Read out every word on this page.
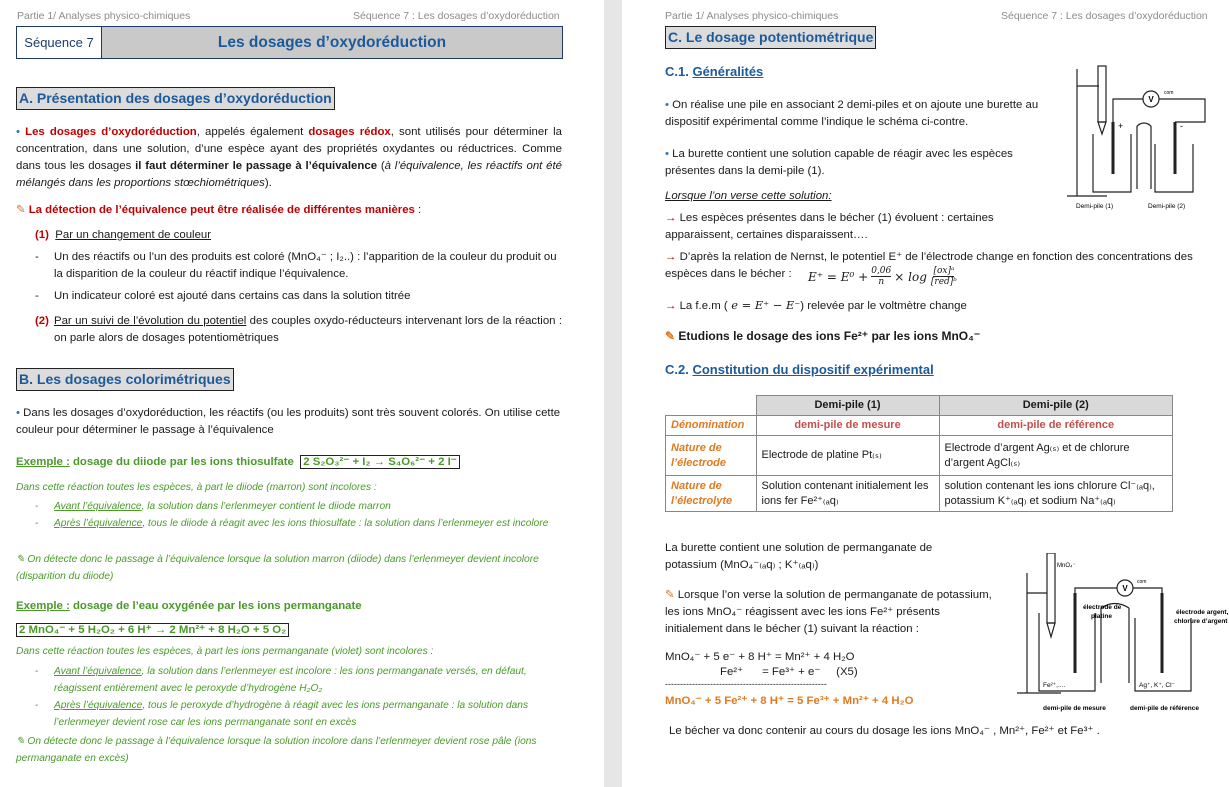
Partie 1/ Analyses physico-chimiques	Séquence 7 : Les dosages d’oxydoréduction
Séquence 7	Les dosages d’oxydoréduction
A. Présentation des dosages d’oxydoréduction
• Les dosages d’oxydoréduction, appelés également dosages rédox, sont utilisés pour déterminer la concentration, dans une solution, d’une espèce ayant des propriétés oxydantes ou réductrices. Comme dans tous les dosages il faut déterminer le passage à l’équivalence (à l’équivalence, les réactifs ont été mélangés dans les proportions stœchiométriques).
✎ La détection de l’équivalence peut être réalisée de différentes manières :
(1) Par un changement de couleur
- Un des réactifs ou l’un des produits est coloré (MnO₄⁻ ; I₂..) : l’apparition de la couleur du produit ou la disparition de la couleur du réactif indique l’équivalence.
- Un indicateur coloré est ajouté dans certains cas dans la solution titrée
(2) Par un suivi de l’évolution du potentiel des couples oxydo-réducteurs intervenant lors de la réaction : on parle alors de dosages potentiomètriques
B. Les dosages colorimétriques
• Dans les dosages d’oxydoréduction, les réactifs (ou les produits) sont très souvent colorés. On utilise cette couleur pour déterminer le passage à l’équivalence
Exemple : dosage du diiode par les ions thiosulfate 2 S₂O₃²⁻ + I₂ → S₄O₆²⁻ + 2 I⁻
Dans cette réaction toutes les espèces, à part le diiode (marron) sont incolores :
- Avant l’équivalence, la solution dans l’erlenmeyer contient le diiode marron
- Après l’équivalence, tous le diiode à réagit avec les ions thiosulfate : la solution dans l’erlenmeyer est incolore
✎ On détecte donc le passage à l’équivalence lorsque la solution marron (diiode) dans l’erlenmeyer devient incolore (disparition du diiode)
Exemple : dosage de l’eau oxygénée par les ions permanganate
2 MnO₄⁻ + 5 H₂O₂ + 6 H⁺ → 2 Mn²⁺ + 8 H₂O + 5 O₂
Dans cette réaction toutes les espèces, à part les ions permanganate (violet) sont incolores :
- Avant l’équivalence, la solution dans l’erlenmeyer est incolore : les ions permanganate versés, en défaut, réagissent entièrement avec le peroxyde d’hydrogène H₂O₂
- Après l’équivalence, tous le peroxyde d’hydrogène à réagit avec les ions permanganate : la solution dans l’erlenmeyer devient rose car les ions permanganate sont en excès
✎ On détecte donc le passage à l’équivalence lorsque la solution incolore dans l’erlenmeyer devient rose pâle (ions permanganate en excès)
Partie 1/ Analyses physico-chimiques	Séquence 7 : Les dosages d’oxydoréduction
C. Le dosage potentiométrique
C.1. Généralités
• On réalise une pile en associant 2 demi-piles et on ajoute une burette au dispositif expérimental comme l’indique le schéma ci-contre.
• La burette contient une solution capable de réagir avec les espèces présentes dans la demi-pile (1).
Lorsque l’on verse cette solution:
→ Les espèces présentes dans le bécher (1) évoluent : certaines apparaissent, certaines disparaissent….
→ D’après la relation de Nernst, le potentiel E⁺ de l’électrode change en fonction des concentrations des espèces dans le bécher :	$E^+ = E^0 + \frac{0,06}{n} \times \log$ [ox]ᵃ
[red]ᵇ
→ La f.e.m ( e = E⁺ − E⁻) relevée par le voltmètre change
✎ Etudions le dosage des ions Fe²⁺ par les ions MnO₄⁻
C.2. Constitution du dispositif expérimental
	Demi-pile (1)	Demi-pile (2)
Dénomination	demi-pile de mesure	demi-pile de référence
Nature de l’électrode	Electrode de platine Pt₍ₛ₎	Electrode d’argent Ag₍ₛ₎ et de chlorure d’argent AgCl₍ₛ₎
Nature de l’électrolyte	Solution contenant initialement les ions fer Fe²⁺₍ₐq₎	solution contenant les ions chlorure Cl⁻₍ₐq₎, potassium K⁺₍ₐq₎ et sodium Na⁺₍ₐq₎
La burette contient une solution de permanganate de potassium (MnO₄⁻₍ₐq₎ ; K⁺₍ₐq₎)
✎ Lorsque l’on verse la solution de permanganate de potassium, les ions MnO₄⁻ réagissent avec les ions Fe²⁺ présents initialement dans le bécher (1) suivant la réaction :
MnO₄⁻ + 5 e⁻ + 8 H⁺ = Mn²⁺ + 4 H₂O
Fe²⁺      = Fe³⁺ + e⁻     (X5)
------------------------------------------------------
MnO₄⁻ + 5 Fe²⁺ + 8 H⁺ = 5 Fe³⁺ + Mn²⁺ + 4 H₂O
Le bécher va donc contenir au cours du dosage les ions MnO₄⁻ , Mn²⁺, Fe²⁺ et Fe³⁺ .
V
com
+	-
Demi-pile (1)	Demi-pile (2)
MnO₄⁻
V
com
électrode de
platine
électrode argent,
chlorure d’argent
Fe²⁺,....	Ag⁺, K⁺, Cl⁻
demi-pile de mesure	demi-pile de référence
